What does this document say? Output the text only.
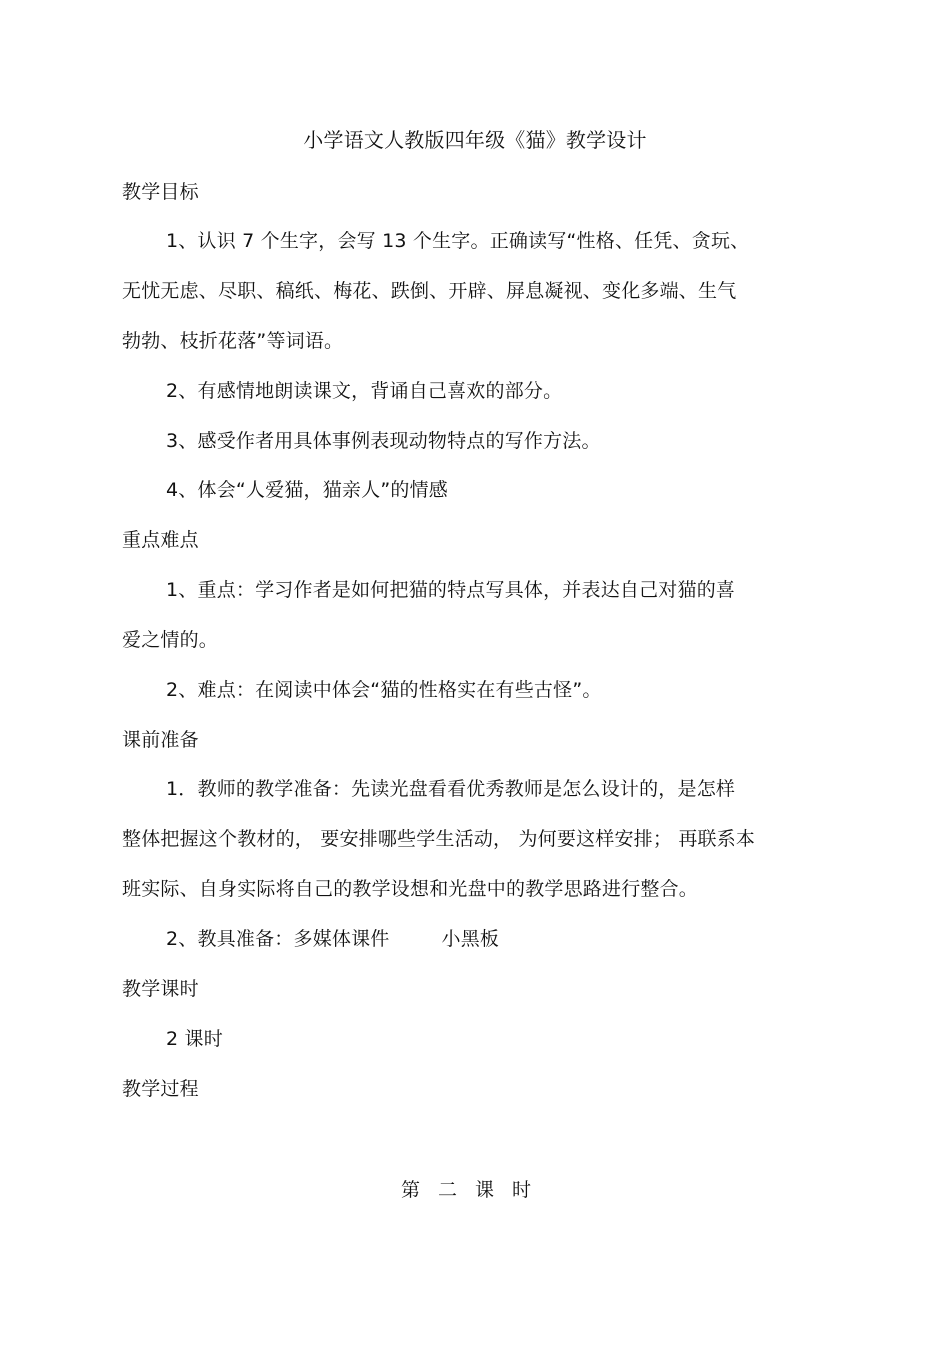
小学语文人教版四年级《猫》教学设计
教学目标
1、认识 7 个生字，会写 13 个生字。正确读写“性格、任凭、贪玩、
无忧无虑、尽职、稿纸、梅花、跌倒、开辟、屏息凝视、变化多端、生气
勃勃、枝折花落”等词语。
2、有感情地朗读课文，背诵自己喜欢的部分。
3、感受作者用具体事例表现动物特点的写作方法。
4、体会“人爱猫，猫亲人”的情感
重点难点
1、重点：学习作者是如何把猫的特点写具体，并表达自己对猫的喜
爱之情的。
2、难点：在阅读中体会“猫的性格实在有些古怪”。
课前准备
1．教师的教学准备：先读光盘看看优秀教师是怎么设计的，是怎样
整体把握这个教材的， 要安排哪些学生活动， 为何要这样安排； 再联系本
班实际、自身实际将自己的教学设想和光盘中的教学思路进行整合。
2、教具准备：多媒体课件	小黑板
教学课时
2 课时
教学过程
第二课时
